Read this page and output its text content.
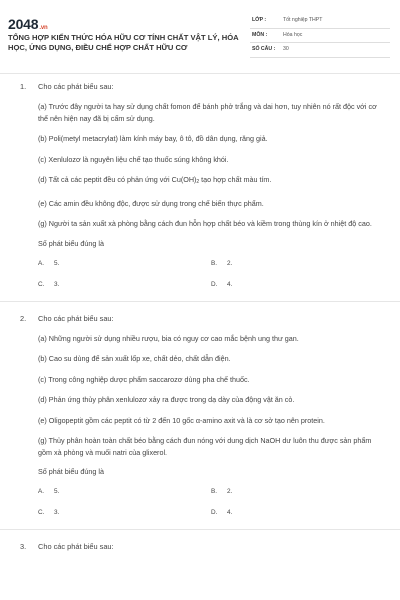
2048.vn
TỔNG HỢP KIẾN THỨC HÓA HỮU CƠ TÍNH CHẤT VẬT LÝ, HÓA HỌC, ỨNG DỤNG, ĐIỀU CHẾ HỢP CHẤT HỮU CƠ
LỚP :	Tốt nghiệp THPT
MÔN :	Hóa học
SỐ CÂU : 30
1. Cho các phát biểu sau:
(a) Trước đây người ta hay sử dụng chất fomon để bánh phở trắng và dai hơn, tuy nhiên nó rất độc với cơ thể nên hiện nay đã bị cấm sử dụng.
(b) Poli(metyl metacrylat) làm kính máy bay, ô tô, đồ dân dụng, răng giả.
(c) Xenlulozơ là nguyên liệu chế tạo thuốc súng không khói.
(d) Tất cả các peptit đều có phản ứng với $Cu(OH)_2$ tạo hợp chất màu tím.
(e) Các amin đều không độc, được sử dụng trong chế biến thực phẩm.
(g) Người ta sản xuất xà phòng bằng cách đun hỗn hợp chất béo và kiềm trong thùng kín ở nhiệt độ cao.
Số phát biểu đúng là
A. 5.	B. 2.
C. 3.	D. 4.
2. Cho các phát biểu sau:
(a) Những người sử dụng nhiều rượu, bia có nguy cơ cao mắc bệnh ung thư gan.
(b) Cao su dùng để sản xuất lốp xe, chất dẻo, chất dẫn điện.
(c) Trong công nghiệp dược phẩm saccarozơ dùng pha chế thuốc.
(d) Phản ứng thủy phân xenlulozơ xảy ra được trong dạ dày của động vật ăn cỏ.
(e) Oligopeptit gồm các peptit có từ 2 đến 10 gốc α-amino axit và là cơ sở tạo nên protein.
(g) Thủy phân hoàn toàn chất béo bằng cách đun nóng với dung dịch NaOH dư luôn thu được sản phẩm gồm xà phòng và muối natri của glixerol.
Số phát biểu đúng là
A. 5.	B. 2.
C. 3.	D. 4.
3. Cho các phát biểu sau:
